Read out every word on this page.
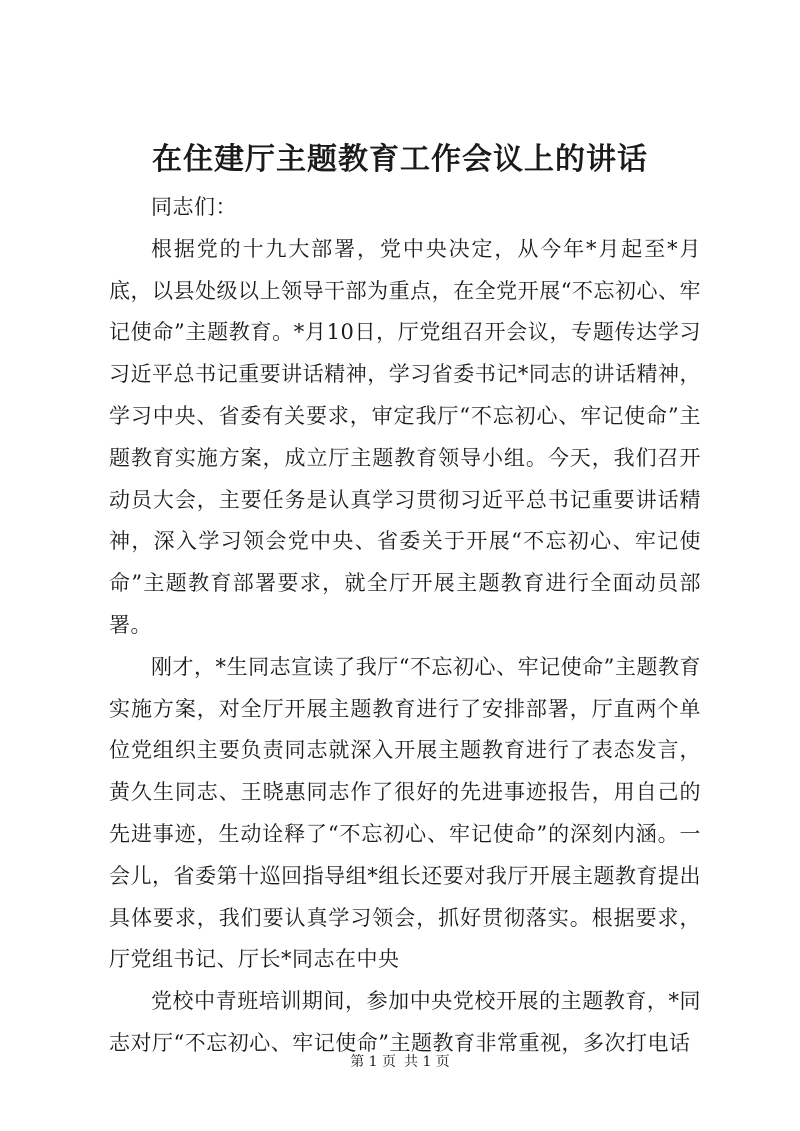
在住建厅主题教育工作会议上的讲话

同志们：

根据党的十九大部署，党中央决定，从今年*月起至*月底，以县处级以上领导干部为重点，在全党开展“不忘初心、牢记使命”主题教育。*月10日，厅党组召开会议，专题传达学习习近平总书记重要讲话精神，学习省委书记*同志的讲话精神，学习中央、省委有关要求，审定我厅“不忘初心、牢记使命”主题教育实施方案，成立厅主题教育领导小组。今天，我们召开动员大会，主要任务是认真学习贯彻习近平总书记重要讲话精神，深入学习领会党中央、省委关于开展“不忘初心、牢记使命”主题教育部署要求，就全厅开展主题教育进行全面动员部署。

刚才，*生同志宣读了我厅“不忘初心、牢记使命”主题教育实施方案，对全厅开展主题教育进行了安排部署，厅直两个单位党组织主要负责同志就深入开展主题教育进行了表态发言，黄久生同志、王晓惠同志作了很好的先进事迹报告，用自己的先进事迹，生动诠释了“不忘初心、牢记使命”的深刻内涵。一会儿，省委第十巡回指导组*组长还要对我厅开展主题教育提出具体要求，我们要认真学习领会，抓好贯彻落实。根据要求，厅党组书记、厅长*同志在中央

党校中青班培训期间，参加中央党校开展的主题教育，*同志对厅“不忘初心、牢记使命”主题教育非常重视，多次打电话

第 1 页 共 1 页
